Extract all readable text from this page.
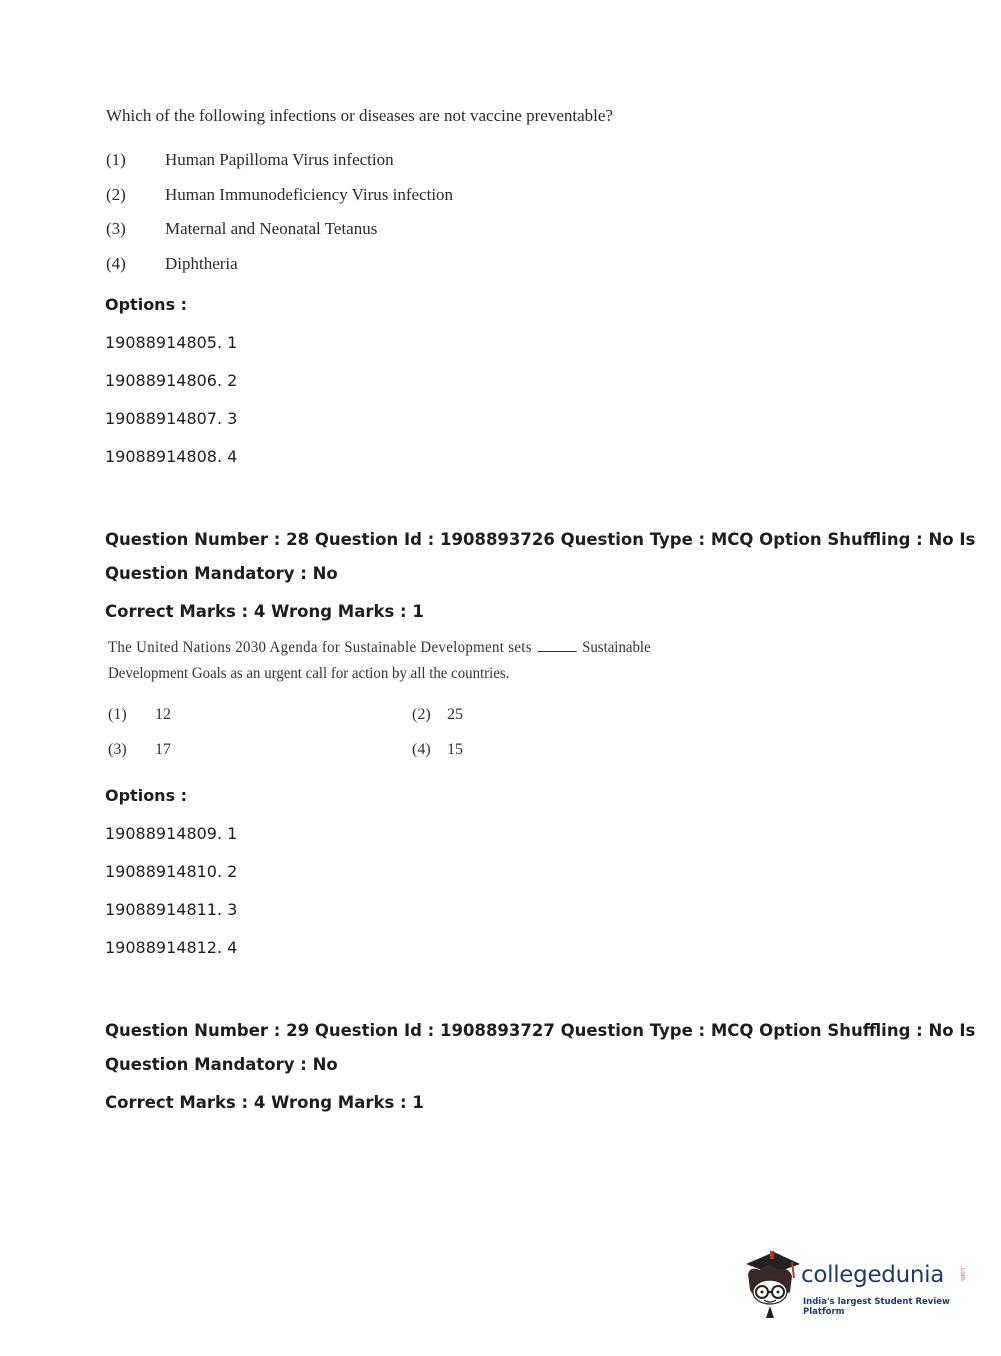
Which of the following infections or diseases are not vaccine preventable?
(1) Human Papilloma Virus infection
(2) Human Immunodeficiency Virus infection
(3) Maternal and Neonatal Tetanus
(4) Diphtheria
Options :
19088914805. 1
19088914806. 2
19088914807. 3
19088914808. 4
Question Number : 28 Question Id : 1908893726 Question Type : MCQ Option Shuffling : No Is
Question Mandatory : No
Correct Marks : 4 Wrong Marks : 1
The United Nations 2030 Agenda for Sustainable Development sets	Sustainable
Development Goals as an urgent call for action by all the countries.
(1) 12	(2) 25
(3) 17	(4) 15
Options :
19088914809. 1
19088914810. 2
19088914811. 3
19088914812. 4
Question Number : 29 Question Id : 1908893727 Question Type : MCQ Option Shuffling : No Is
Question Mandatory : No
Correct Marks : 4 Wrong Marks : 1
collegedunia .com
India's largest Student Review Platform
